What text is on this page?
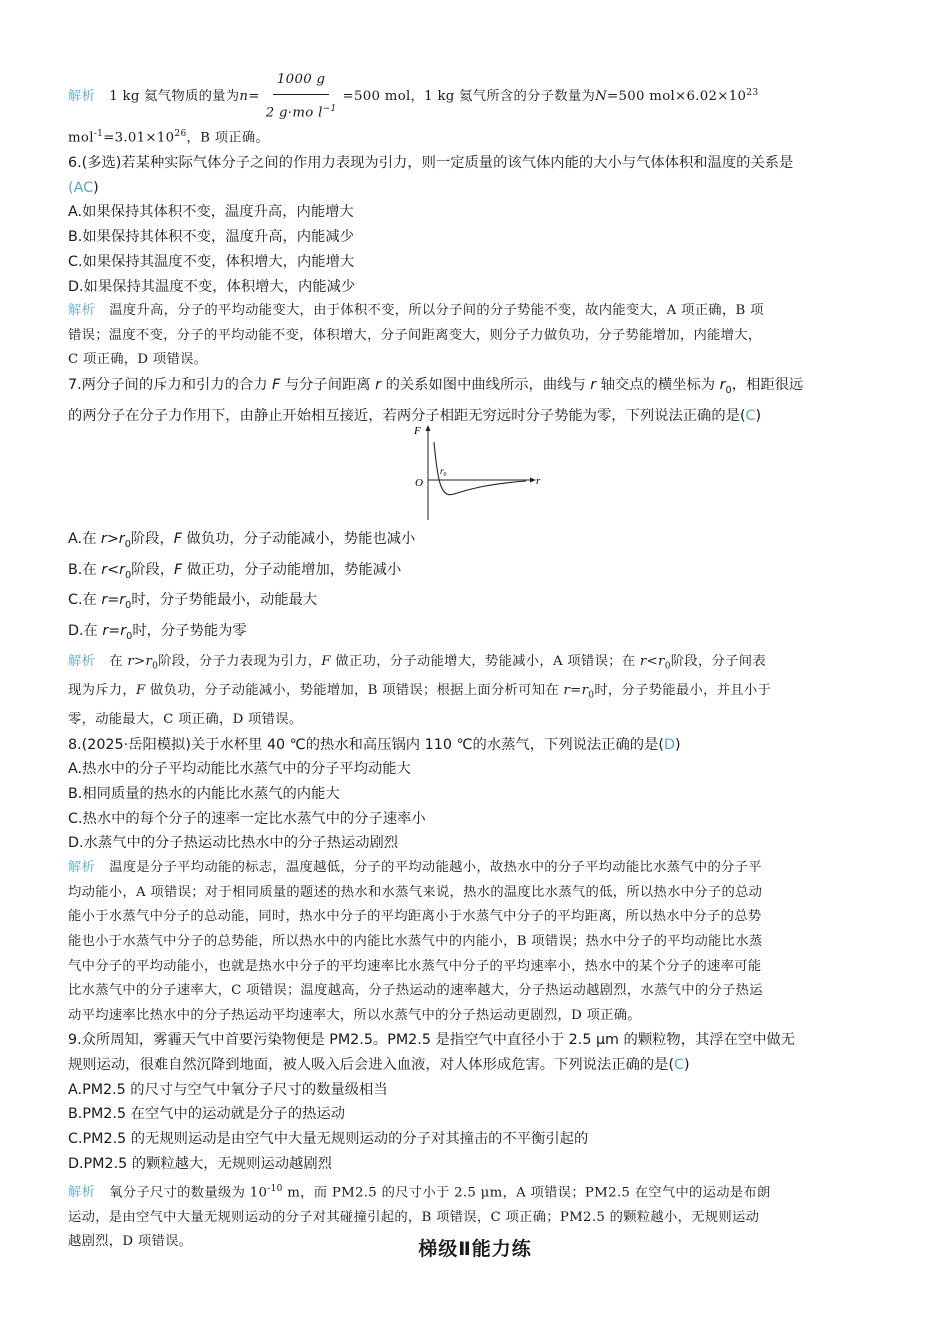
解析 1 kg 氦气物质的量为 $n = \frac{1000 g}{2 g\cdot mo l^{-1}} =500$ mol，1 kg 氦气所含的分子数量为 N =500 $mol\times 6.02\times 10^{23}$
$mol^{-1}=3.01\times 10^{26}$，B 项正确。
6.(多选)若某种实际气体分子之间的作用力表现为引力，则一定质量的该气体内能的大小与气体体积和温度的关系是
(AC)
A.如果保持其体积不变，温度升高，内能增大
B.如果保持其体积不变，温度升高，内能减少
C.如果保持其温度不变，体积增大，内能增大
D.如果保持其温度不变，体积增大，内能减少
解析 温度升高，分子的平均动能变大，由于体积不变，所以分子间的分子势能不变，故内能变大，A 项正确，B 项
错误；温度不变，分子的平均动能不变，体积增大，分子间距离变大，则分子力做负功，分子势能增加，内能增大，
C 项正确，D 项错误。
7.两分子间的斥力和引力的合力 F 与分子间距离 r 的关系如图中曲线所示，曲线与 r 轴交点的横坐标为 $r_0$，相距很远
的两分子在分子力作用下，由静止开始相互接近，若两分子相距无穷远时分子势能为零，下列说法正确的是(C)
A.在 $r>r_0$阶段，F 做负功，分子动能减小，势能也减小
B.在 $r<r_0$阶段，F 做正功，分子动能增加，势能减小
C.在 $r=r_0$时，分子势能最小，动能最大
D.在 $r=r_0$时，分子势能为零
解析 在 $r>r_0$阶段，分子力表现为引力，F 做正功，分子动能增大，势能减小，A 项错误；在 $r<r_0$阶段，分子间表
现为斥力，F 做负功，分子动能减小，势能增加，B 项错误；根据上面分析可知在 $r=r_0$时，分子势能最小，并且小于
零，动能最大，C 项正确，D 项错误。
8.(2025·岳阳模拟)关于水杯里 40 ℃的热水和高压锅内 110 ℃的水蒸气，下列说法正确的是(D)
A.热水中的分子平均动能比水蒸气中的分子平均动能大
B.相同质量的热水的内能比水蒸气的内能大
C.热水中的每个分子的速率一定比水蒸气中的分子速率小
D.水蒸气中的分子热运动比热水中的分子热运动剧烈
解析 温度是分子平均动能的标志，温度越低，分子的平均动能越小，故热水中的分子平均动能比水蒸气中的分子平
均动能小，A 项错误；对于相同质量的题述的热水和水蒸气来说，热水的温度比水蒸气的低，所以热水中分子的总动
能小于水蒸气中分子的总动能，同时，热水中分子的平均距离小于水蒸气中分子的平均距离，所以热水中分子的总势
能也小于水蒸气中分子的总势能，所以热水中的内能比水蒸气中的内能小，B 项错误；热水中分子的平均动能比水蒸
气中分子的平均动能小，也就是热水中分子的平均速率比水蒸气中分子的平均速率小，热水中的某个分子的速率可能
比水蒸气中的分子速率大，C 项错误；温度越高，分子热运动的速率越大，分子热运动越剧烈，水蒸气中的分子热运
动平均速率比热水中的分子热运动平均速率大，所以水蒸气中的分子热运动更剧烈，D 项正确。
9.众所周知，雾霾天气中首要污染物便是 PM2.5。PM2.5 是指空气中直径小于 2.5 μm 的颗粒物，其浮在空中做无
规则运动，很难自然沉降到地面，被人吸入后会进入血液，对人体形成危害。下列说法正确的是(C)
A.PM2.5 的尺寸与空气中氧分子尺寸的数量级相当
B.PM2.5 在空气中的运动就是分子的热运动
C.PM2.5 的无规则运动是由空气中大量无规则运动的分子对其撞击的不平衡引起的
D.PM2.5 的颗粒越大，无规则运动越剧烈
解析 氧分子尺寸的数量级为 $10^{-10}$ m，而 PM2.5 的尺寸小于 2.5 μm，A 项错误；PM2.5 在空气中的运动是布朗
运动，是由空气中大量无规则运动的分子对其碰撞引起的，B 项错误，C 项正确；PM2.5 的颗粒越小，无规则运动
越剧烈，D 项错误。
F
r
O
$r_0$
梯级Ⅱ能力练
